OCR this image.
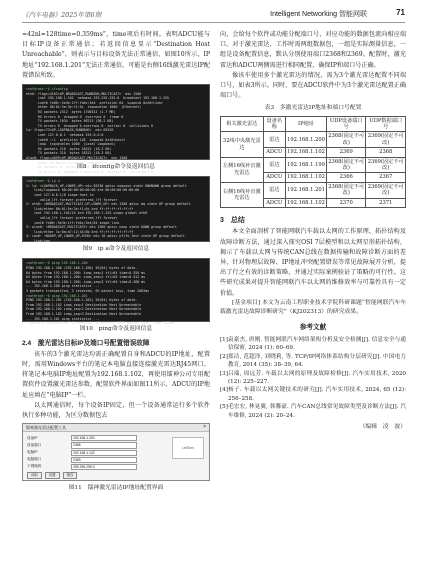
《汽车电器》2025年第6期	Intelligent Networking 智能网联	71

≈42nl≈128time=0.359ms”，time项后有时间。表明ADCU能与目标IP设备正常通信；若返回信息显示“Destination Host Unreachable”，则表示与目标设备无法正常通信，如图10所示，IP地址“192.168.1.201”无法正常通信，可能是右侧16线激光雷达IP配置错误所致。

root@root:~$ ifconfig
eth0: flags=4163<UP,BROADCAST,RUNNING,MULTICAST>  mtu 1500
inet 192.168.1.102  netmask 255.255.255.0  broadcast 192.168.1.255
inet6 fe80::5e3e:1ff:fe0c:3e4  prefixlen 64  scopeid 0x20<link>
ether 00:01:5e:3e:f1:0c  txqueuelen 1000  (Ethernet)
RX packets 2312  bytes 1706312 (1.7 MB)
RX errors 0  dropped 0  overruns 0  frame 0
TX packets 1034  bytes 98213 (98.2 KB)
TX errors 0  dropped 0 overruns 0  carrier 0  collisions 0
lo: flags=73<UP,LOOPBACK,RUNNING>  mtu 65536
inet 127.0.0.1  netmask 255.0.0.0
inet6 ::1  prefixlen 128  scopeid 0x10<host>
loop  txqueuelen 1000  (Local Loopback)
RX packets 210  bytes 18322 (18.3 KB)
TX packets 210  bytes 18322 (18.3 KB)
wlan0: flags=4099<UP,BROADCAST,MULTICAST>  mtu 1500
ether 3c:6a:a7:12:44:0b  txqueuelen 1000  (Ethernet)
RX packets 0  bytes 0 (0.0 B)
TX errors 0  dropped 0 overruns 0  carrier 0  collisions 0
图8　ifconfig命令及返回信息
root@root:~$ ip a
1: lo: <LOOPBACK,UP,LOWER_UP> mtu 65536 qdisc noqueue state UNKNOWN group default
link/loopback 00:00:00:00:00:00 brd 00:00:00:00:00:00
inet 127.0.0.1/8 scope host lo
valid_lft forever preferred_lft forever
2: eth0: <BROADCAST,MULTICAST,UP,LOWER_UP> mtu 1500 qdisc mq state UP group default
link/ether 00:01:5e:3e:f1:0c brd ff:ff:ff:ff:ff:ff
inet 192.168.1.102/24 brd 192.168.1.255 scope global eth0
valid_lft forever preferred_lft forever
inet6 fe80::5e3e:1ff:fe0c:3e4/64 scope link
3: wlan0: <BROADCAST,MULTICAST> mtu 1500 qdisc noop state DOWN group default
link/ether 3c:6a:a7:12:44:0b brd ff:ff:ff:ff:ff:ff
4: can0: <NOARP,UP,LOWER_UP,ECHO> mtu 16 qdisc pfifo_fast state UP group default
link/can
图9　ip a命令及返回信息
root@root:~$ ping 192.168.1.200
PING 192.168.1.200 (192.168.1.200) 56(84) bytes of data.
64 bytes from 192.168.1.200: icmp_seq=1 ttl=64 time=0.359 ms
64 bytes from 192.168.1.200: icmp_seq=2 ttl=64 time=0.412 ms
64 bytes from 192.168.1.200: icmp_seq=3 ttl=64 time=0.388 ms
--- 192.168.1.200 ping statistics ---
3 packets transmitted, 3 received, 0% packet loss, time 2003ms
root@root:~$ ping 192.168.1.201
PING 192.168.1.201 (192.168.1.201) 56(84) bytes of data.
From 192.168.1.102 icmp_seq=1 Destination Host Unreachable
From 192.168.1.102 icmp_seq=2 Destination Host Unreachable
From 192.168.1.102 icmp_seq=3 Destination Host Unreachable
--- 192.168.1.201 ping statistics ---
4 packets transmitted, 0 received, +3 errors, 100% packet loss, time 3055ms
图10　ping命令及返回信息
2.4　激光雷达目标IP及端口号配置错误故障

该车的3个激光雷达均需正确配置自身和ADCU的IP地址，配置时，需用Windows平台的笔记本电脑直接连接激光雷达RJ45网口，将笔记本电脑IP地址配置为192.168.1.102，再使用镭神公司专用配置软件设置激光雷达参数，配置软件界面如图11所示，ADCU的IP地址应填在“电脑IP”一栏。

以太网通信时，每个设备IP固定，但一个设备通常运行多个软件执行多种功能，为区分数据包去

镭神激光雷达配置工具	×
设备IP	192.168.1.200
设备端口	2368
电脑IP	192.168.1.102
电脑端口	2369
子网掩码	255.255.255.0
读取	设置	保存
LeiShen
图11　镭神激光雷达IP地址配置界面

向，会给每个软件或功能分配端口号，对应功能的数据包流向相应端口。对于激光雷达，工作时需两组数据包，一组是实际测量信息，一组是设备配置信息，默认分别使用端口2368和2369。配置时，激光雷达和ADCU两侧需进行相同配置，确保IP和端口号正确。

像该车使用多个激光雷达的情况，需为3个激光雷达配置不同端口号，如表3所示。同时，要在ADCU软件中为3个激光雷达配置正确端口号。

表3　多激光雷达IP地址和端口号配置
相关激光雷达	设备名称	IP地址	UDP设备端口号	UDP数据端口号
32线中央激光雷达	雷达	192.168.1.200	2368(固定不可改)	2369(固定不可改)
	ADCU	192.168.1.102	2369	2368
左侧16线补盲激光雷达	雷达	192.168.1.199	2368(固定不可改)	2369(固定不可改)
	ADCU	192.168.1.102	2366	2367
右侧16线补盲激光雷达	雷达	192.168.1.201	2368(固定不可改)	2369(固定不可改)
	ADCU	192.168.1.102	2370	2371
3　总结

本文全面剖析了智能网联汽车载以太网的工作原理、拓扑结构及故障诊断方法，通过深入探究OSI 7层模型和以太网星形拓扑结构，揭示了车载以太网与传统CAN总线在数据传输和故障诊断方面的差异，针对物理层故障、IP地址冲突配置错误等常见故障展开分析，提出了行之有效的诊断策略，并通过实际案例验证了策略的可行性。这些研究成果对提升智能网联汽车以太网的维修效率与可靠性具有一定价值。

[基金项目] 本文为云南工程职业技术学院科研课题“智能网联汽车车载激光雷达故障诊断研究”（KJ202313）的研究成果。

参考文献
[1] 袁豪杰, 唐刚. 智能网联汽车网络架构分析及安全检测[J]. 信息安全与通信保密, 2024 (1): 60–69.
[2] 郑洁, 范超泽, 刘晓莉, 等. TCP/IP网络体系结构分层研究[J]. 中国电力教育, 2014 (35): 38–39, 64.
[3] 吕瑞, 周远芳. 车载以太网的原理及故障检修[J]. 汽车实用技术, 2020 (12): 225–227.
[4] 杨子. 车载以太网关键技术的研究[J]. 汽车实用技术, 2024, 65 (12): 256–258.
[5] 毛宏宏, 林晃翼, 韩馨豪. 汽车CAN总线常见故障类型及诊断方法[J]. 汽车维修, 2024 (2): 20–24.
（编辑　凌　波）
